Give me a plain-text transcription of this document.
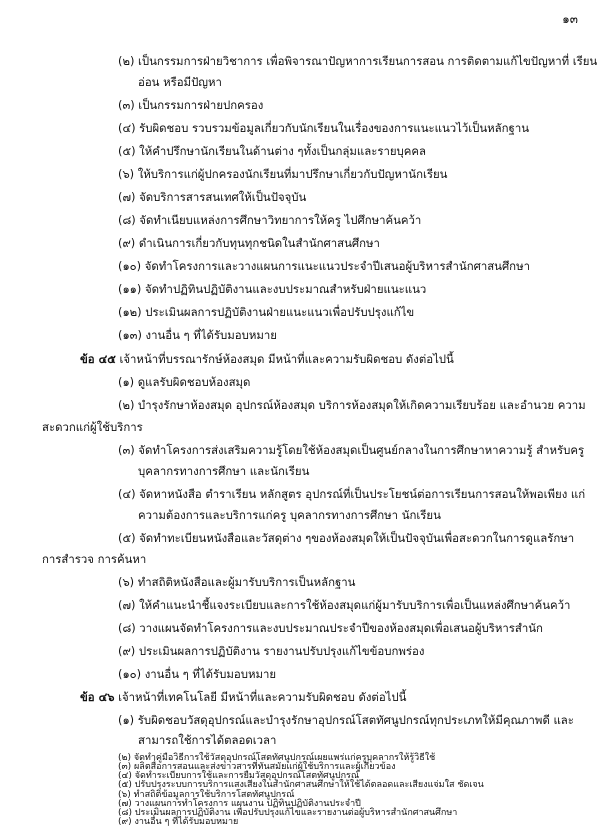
๑๓
(๒) เป็นกรรมการฝ่ายวิชาการ เพื่อพิจารณาปัญหาการเรียนการสอน การติดตามแก้ไขปัญหาที่ เรียน
อ่อน หรือมีปัญหา
(๓) เป็นกรรมการฝ่ายปกครอง
(๔) รับผิดชอบ รวบรวมข้อมูลเกี่ยวกับนักเรียนในเรื่องของการแนะแนวไว้เป็นหลักฐาน
(๕) ให้คำปรึกษานักเรียนในด้านต่าง ๆทั้งเป็นกลุ่มและรายบุคคล
(๖) ให้บริการแก่ผู้ปกครองนักเรียนที่มาปรึกษาเกี่ยวกับปัญหานักเรียน
(๗) จัดบริการสารสนเทศให้เป็นปัจจุบัน
(๘) จัดทำเนียบแหล่งการศึกษาวิทยาการให้ครู ไปศึกษาค้นคว้า
(๙) ดำเนินการเกี่ยวกับทุนทุกชนิดในสำนักศาสนศึกษา
(๑๐) จัดทำโครงการและวางแผนการแนะแนวประจำปีเสนอผู้บริหารสำนักศาสนศึกษา
(๑๑) จัดทำปฏิทินปฏิบัติงานและงบประมาณสำหรับฝ่ายแนะแนว
(๑๒) ประเมินผลการปฏิบัติงานฝ่ายแนะแนวเพื่อปรับปรุงแก้ไข
(๑๓) งานอื่น ๆ ที่ได้รับมอบหมาย
ข้อ ๔๕ เจ้าหน้าที่บรรณารักษ์ห้องสมุด มีหน้าที่และความรับผิดชอบ ดังต่อไปนี้
(๑) ดูแลรับผิดชอบห้องสมุด
(๒) บำรุงรักษาห้องสมุด อุปกรณ์ห้องสมุด บริการห้องสมุดให้เกิดความเรียบร้อย และอำนวย ความ
สะดวกแก่ผู้ใช้บริการ
(๓) จัดทำโครงการส่งเสริมความรู้โดยใช้ห้องสมุดเป็นศูนย์กลางในการศึกษาหาความรู้ สำหรับครู
บุคลากรทางการศึกษา และนักเรียน
(๔) จัดหาหนังสือ ตำราเรียน หลักสูตร อุปกรณ์ที่เป็นประโยชน์ต่อการเรียนการสอนให้พอเพียง แก่
ความต้องการและบริการแก่ครู บุคลากรทางการศึกษา นักเรียน
(๕) จัดทำทะเบียนหนังสือและวัสดุต่าง ๆของห้องสมุดให้เป็นปัจจุบันเพื่อสะดวกในการดูแลรักษา
การสำรวจ การค้นหา
(๖) ทำสถิติหนังสือและผู้มารับบริการเป็นหลักฐาน
(๗) ให้คำแนะนำชี้แจงระเบียบและการใช้ห้องสมุดแก่ผู้มารับบริการเพื่อเป็นแหล่งศึกษาค้นคว้า
(๘) วางแผนจัดทำโครงการและงบประมาณประจำปีของห้องสมุดเพื่อเสนอผู้บริหารสำนัก
(๙) ประเมินผลการปฏิบัติงาน รายงานปรับปรุงแก้ไขข้อบกพร่อง
(๑๐) งานอื่น ๆ ที่ได้รับมอบหมาย
ข้อ ๔๖ เจ้าหน้าที่เทคโนโลยี มีหน้าที่และความรับผิดชอบ ดังต่อไปนี้
(๑) รับผิดชอบวัสดุอุปกรณ์และบำรุงรักษาอุปกรณ์โสตทัศนูปกรณ์ทุกประเภทให้มีคุณภาพดี และ
สามารถใช้การได้ตลอดเวลา
(๒) จัดทำคู่มือวิธีการใช้วัสดุอุปกรณ์โสตทัศนูปกรณ์เผยแพร่แก่ครูบุคลากรให้รู้วิธีใช้
(๓) ผลิตสื่อการสอนและส่งข่าวสารที่ทันสมัยแก่ผู้ใช้บริการและผู้เกี่ยวข้อง
(๔) จัดทำระเบียบการใช้และการยืมวัสดุอุปกรณ์โสตทัศนูปกรณ์
(๕) ปรับปรุงระบบการบริการแสงเสียงในสำนักศาสนศึกษาให้ใช้ได้ตลอดและเสียงแจ่มใส ชัดเจน
(๖) ทำสถิติข้อมูลการใช้บริการโสตทัศนูปกรณ์
(๗) วางแผนการทำโครงการ แผนงาน ปฏิทินปฏิบัติงานประจำปี
(๘) ประเมินผลการปฏิบัติงาน เพื่อปรับปรุงแก้ไขและรายงานต่อผู้บริหารสำนักศาสนศึกษา
(๙) งานอื่น ๆ ที่ได้รับมอบหมาย
